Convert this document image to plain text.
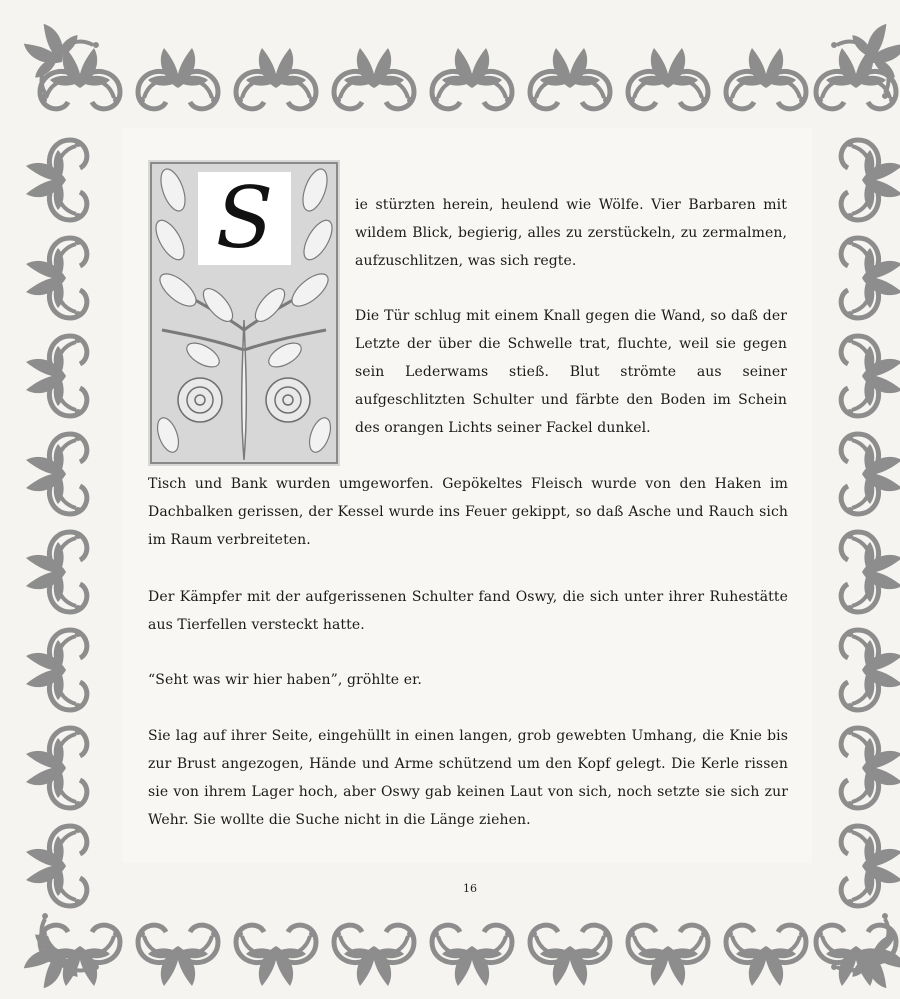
S	ie stürzten herein, heulend wie Wölfe. Vier Barbaren mit wildem Blick, begierig, alles zu zerstückeln, zu zermalmen, aufzuschlitzen, was sich regte.

Die Tür schlug mit einem Knall gegen die Wand, so daß der Letzte der über die Schwelle trat, fluchte, weil sie gegen sein Lederwams stieß. Blut strömte aus seiner aufgeschlitzten Schulter und färbte den Boden im Schein des orangen Lichts seiner Fackel dunkel.

Tisch und Bank wurden umgeworfen. Gepökeltes Fleisch wurde von den Haken im Dachbalken gerissen, der Kessel wurde ins Feuer gekippt, so daß Asche und Rauch sich im Raum verbreiteten.

Der Kämpfer mit der aufgerissenen Schulter fand Oswy, die sich unter ihrer Ruhestätte aus Tierfellen versteckt hatte.

“Seht was wir hier haben”, gröhlte er.

Sie lag auf ihrer Seite, eingehüllt in einen langen, grob gewebten Umhang, die Knie bis zur Brust angezogen, Hände und Arme schützend um den Kopf gelegt. Die Kerle rissen sie von ihrem Lager hoch, aber Oswy gab keinen Laut von sich, noch setzte sie sich zur Wehr. Sie wollte die Suche nicht in die Länge ziehen.

16
